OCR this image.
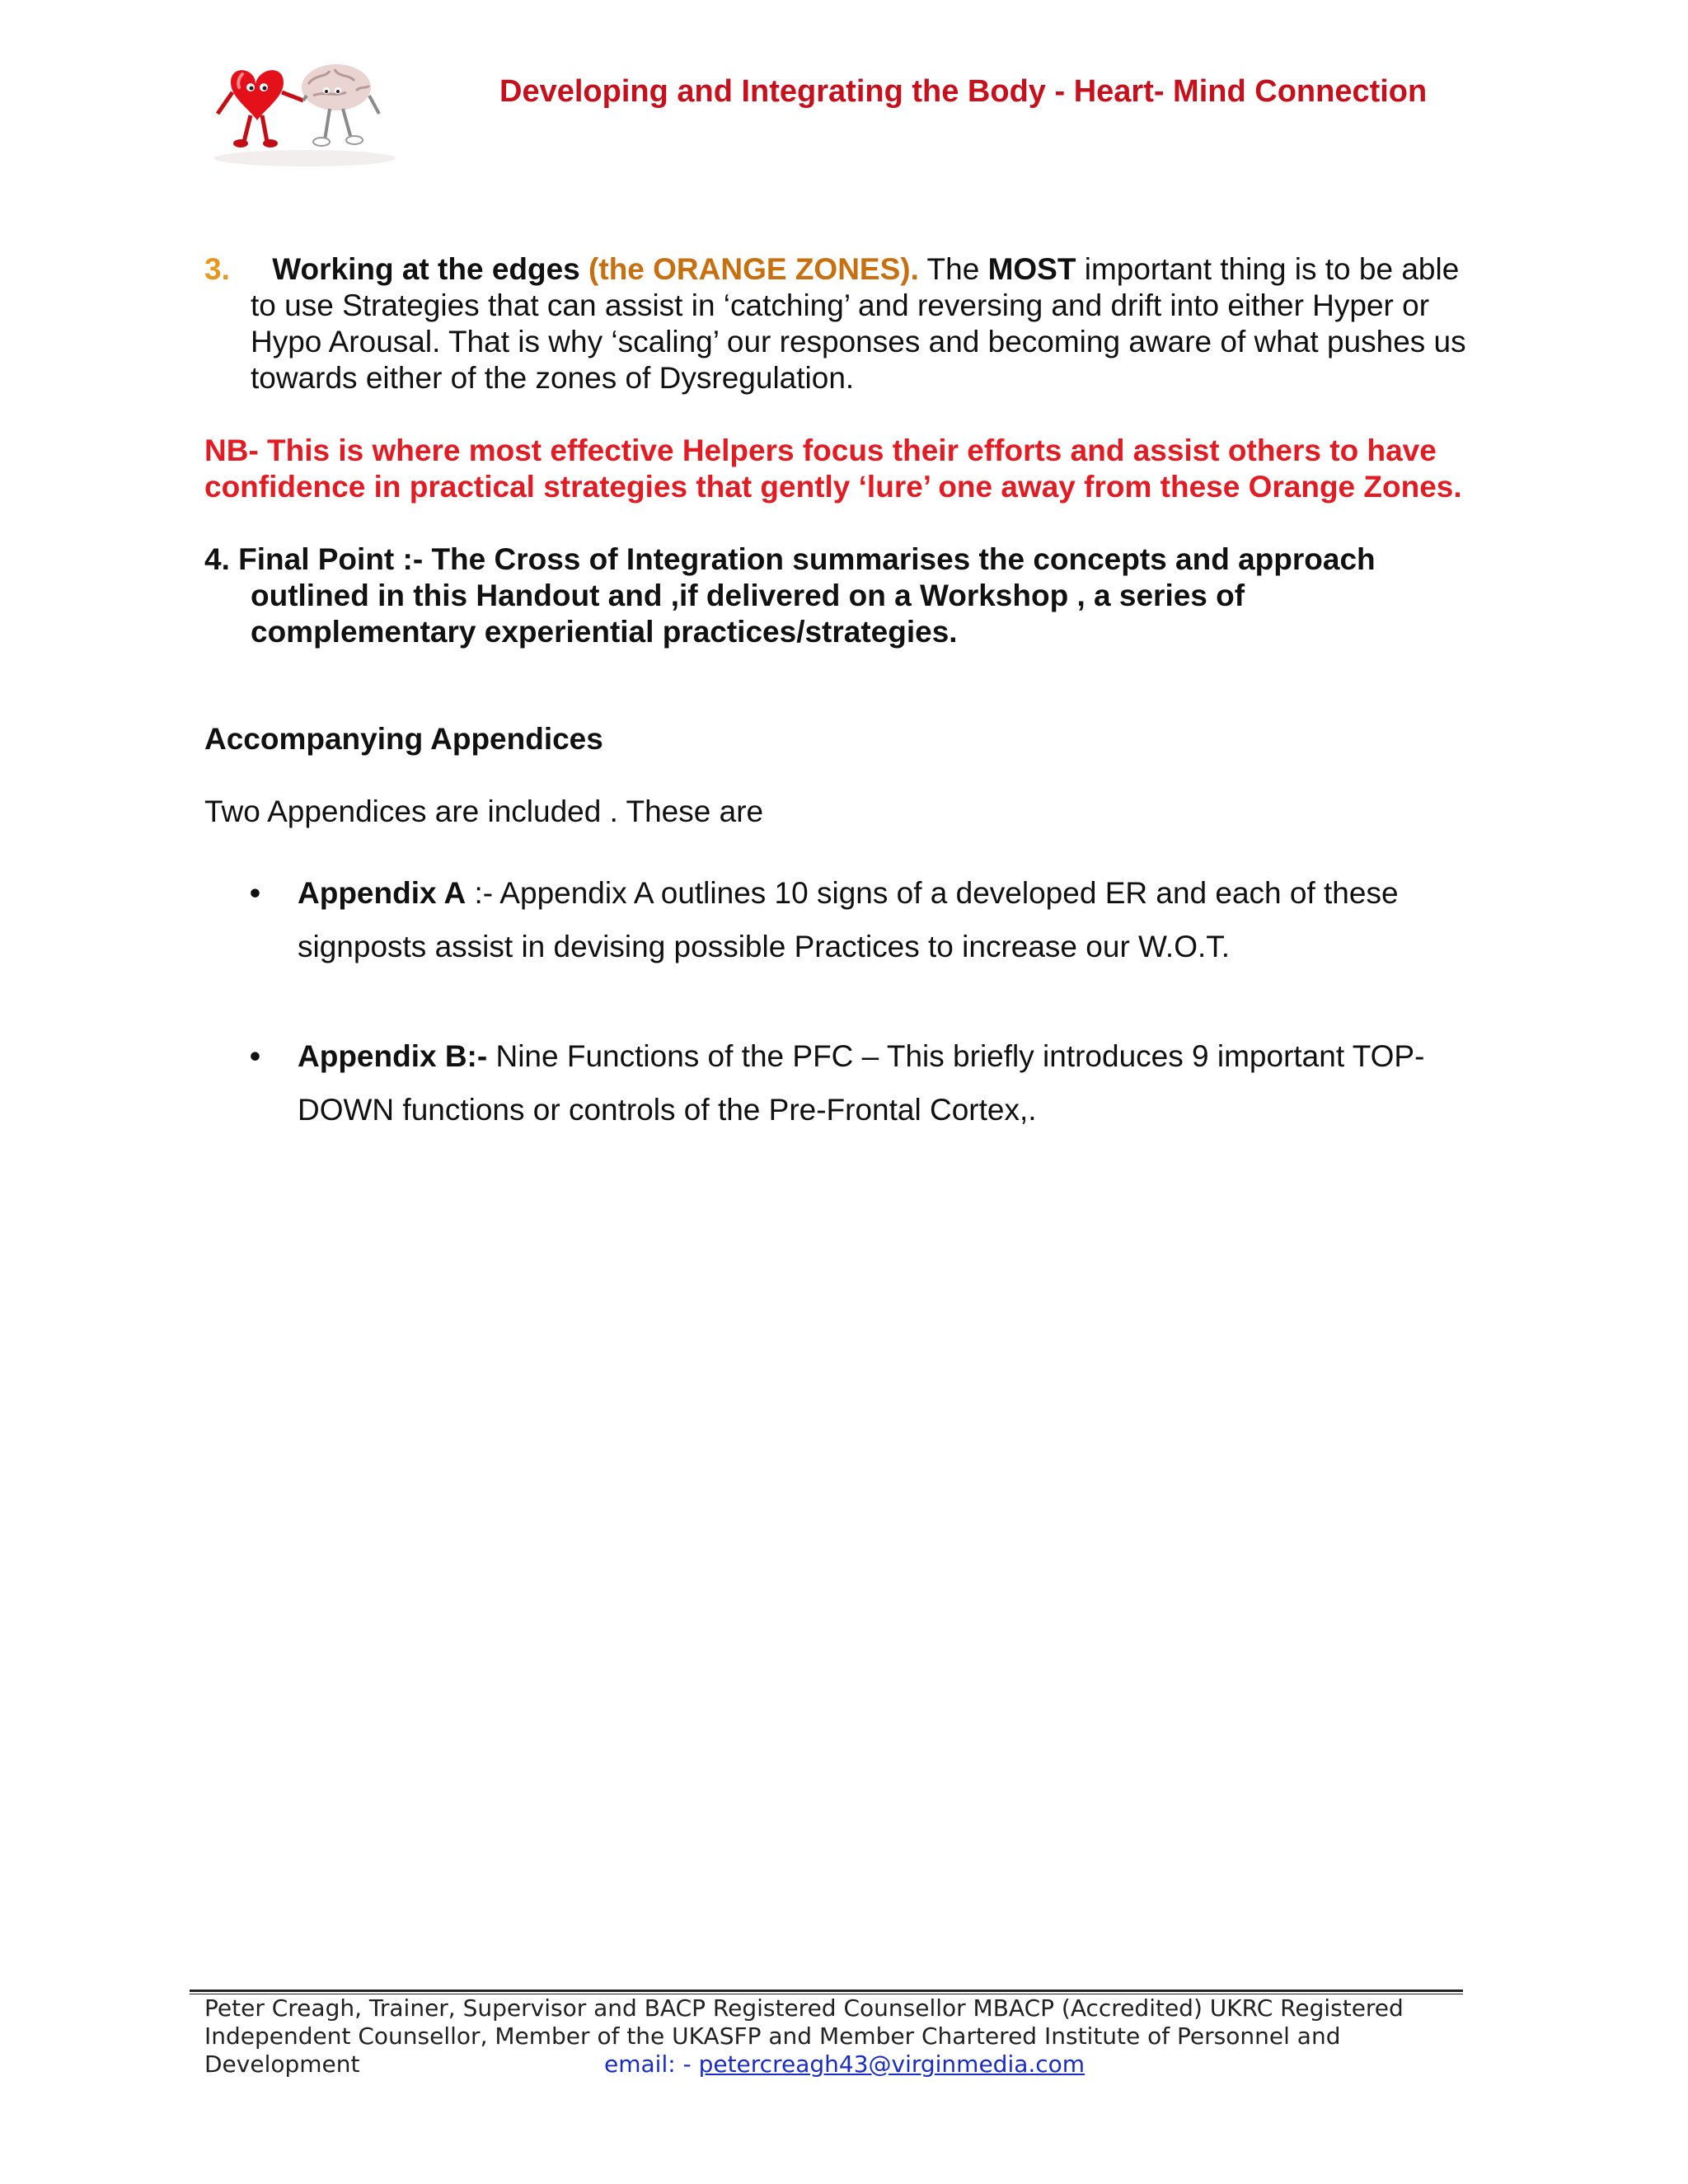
Developing and Integrating the Body - Heart- Mind Connection

3. Working at the edges (the ORANGE ZONES). The MOST important thing is to be able to use Strategies that can assist in ‘catching’ and reversing and drift into either Hyper or Hypo Arousal. That is why ‘scaling’ our responses and becoming aware of what pushes us towards either of the zones of Dysregulation.

NB- This is where most effective Helpers focus their efforts and assist others to have confidence in practical strategies that gently ‘lure’ one away from these Orange Zones.

4. Final Point :- The Cross of Integration summarises the concepts and approach outlined in this Handout and ,if delivered on a Workshop , a series of complementary experiential practices/strategies.

Accompanying Appendices

Two Appendices are included . These are

• Appendix A :- Appendix A outlines 10 signs of a developed ER and each of these signposts assist in devising possible Practices to increase our W.O.T.
• Appendix B:- Nine Functions of the PFC – This briefly introduces 9 important TOP-DOWN functions or controls of the Pre-Frontal Cortex,.
Peter Creagh, Trainer, Supervisor and BACP Registered Counsellor MBACP (Accredited) UKRC Registered
Independent Counsellor, Member of the UKASFP and Member Chartered Institute of Personnel and
Development	email: - petercreagh43@virginmedia.com
